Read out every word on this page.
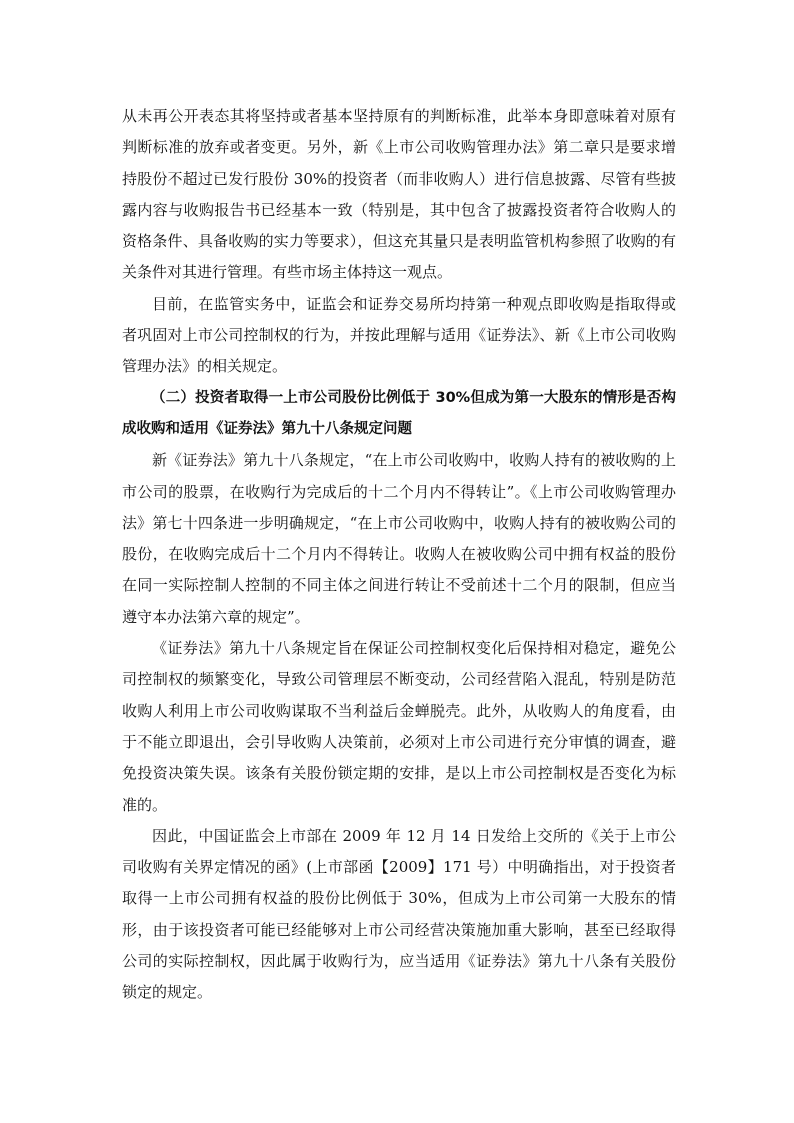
从未再公开表态其将坚持或者基本坚持原有的判断标准，此举本身即意味着对原有判断标准的放弃或者变更。另外，新《上市公司收购管理办法》第二章只是要求增持股份不超过已发行股份 30%的投资者（而非收购人）进行信息披露、尽管有些披露内容与收购报告书已经基本一致（特别是，其中包含了披露投资者符合收购人的资格条件、具备收购的实力等要求），但这充其量只是表明监管机构参照了收购的有关条件对其进行管理。有些市场主体持这一观点。

目前，在监管实务中，证监会和证券交易所均持第一种观点即收购是指取得或者巩固对上市公司控制权的行为，并按此理解与适用《证券法》、新《上市公司收购管理办法》的相关规定。

（二）投资者取得一上市公司股份比例低于 30%但成为第一大股东的情形是否构成收购和适用《证券法》第九十八条规定问题

新《证券法》第九十八条规定，“在上市公司收购中，收购人持有的被收购的上市公司的股票，在收购行为完成后的十二个月内不得转让”。《上市公司收购管理办法》第七十四条进一步明确规定，“在上市公司收购中，收购人持有的被收购公司的股份，在收购完成后十二个月内不得转让。收购人在被收购公司中拥有权益的股份在同一实际控制人控制的不同主体之间进行转让不受前述十二个月的限制，但应当遵守本办法第六章的规定”。

《证券法》第九十八条规定旨在保证公司控制权变化后保持相对稳定，避免公司控制权的频繁变化，导致公司管理层不断变动，公司经营陷入混乱，特别是防范收购人利用上市公司收购谋取不当利益后金蝉脱壳。此外，从收购人的角度看，由于不能立即退出，会引导收购人决策前，必须对上市公司进行充分审慎的调查，避免投资决策失误。该条有关股份锁定期的安排，是以上市公司控制权是否变化为标准的。

因此，中国证监会上市部在 2009 年 12 月 14 日发给上交所的《关于上市公司收购有关界定情况的函》(上市部函【2009】171 号）中明确指出，对于投资者取得一上市公司拥有权益的股份比例低于 30%，但成为上市公司第一大股东的情形，由于该投资者可能已经能够对上市公司经营决策施加重大影响，甚至已经取得公司的实际控制权，因此属于收购行为，应当适用《证券法》第九十八条有关股份锁定的规定。
